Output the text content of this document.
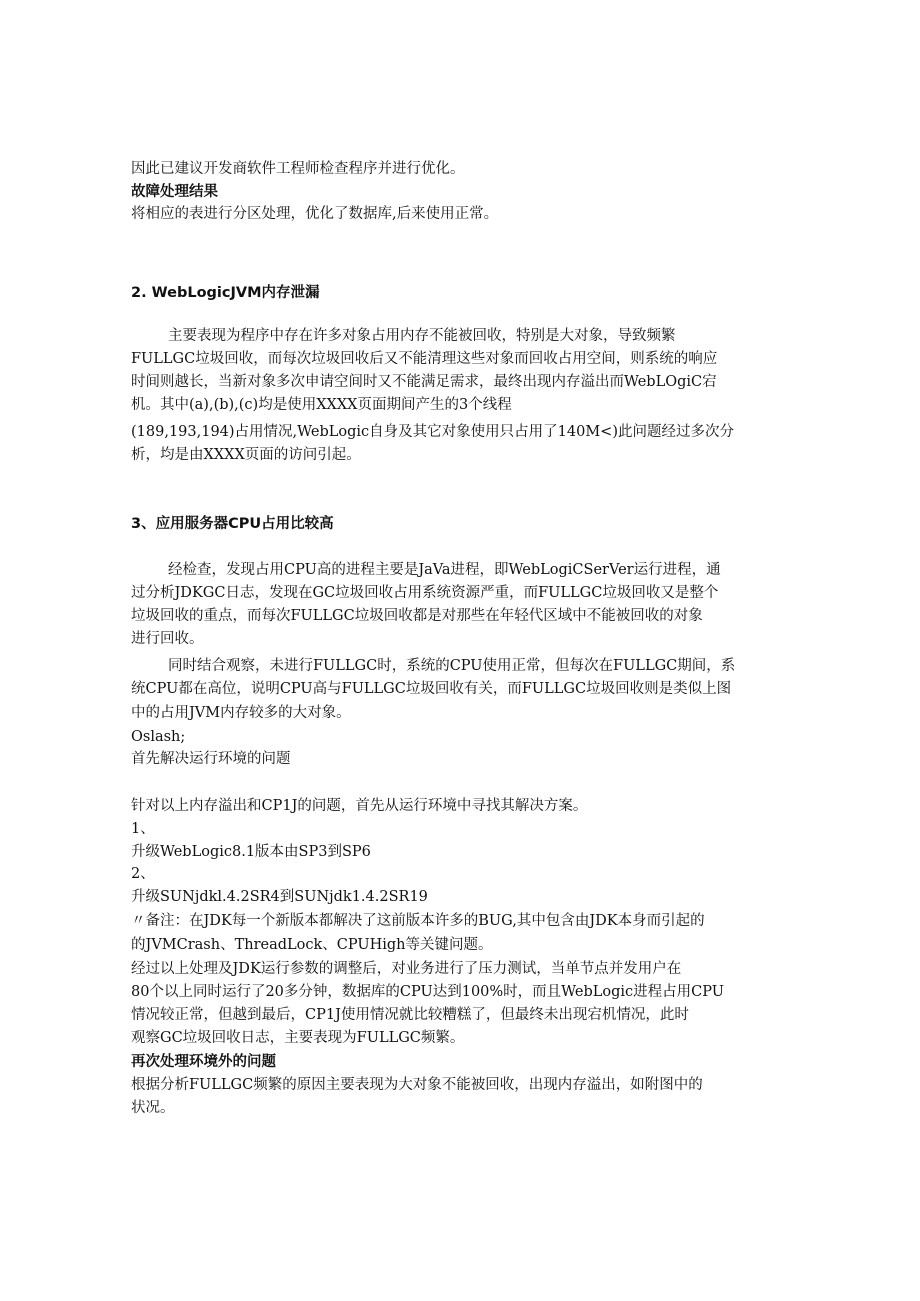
因此已建议开发商软件工程师检查程序并进行优化。
故障处理结果
将相应的表进行分区处理，优化了数据库,后来使用正常。
2. WebLogicJVM内存泄漏
主要表现为程序中存在许多对象占用内存不能被回收，特别是大对象，导致频繁
FULLGC垃圾回收，而每次垃圾回收后又不能清理这些对象而回收占用空间，则系统的响应
时间则越长，当新对象多次申请空间时又不能满足需求，最终出现内存溢出而WebLOgiC宕
机。其中(a),(b),(c)均是使用XXXX页面期间产生的3个线程
(189,193,194)占用情况,WebLogic自身及其它对象使用只占用了140M<)此问题经过多次分
析，均是由XXXX页面的访问引起。
3、应用服务器CPU占用比较高
经检查，发现占用CPU高的进程主要是JaVa进程，即WebLogiCSerVer运行进程，通
过分析JDKGC日志，发现在GC垃圾回收占用系统资源严重，而FULLGC垃圾回收又是整个
垃圾回收的重点，而每次FULLGC垃圾回收都是对那些在年轻代区域中不能被回收的对象
进行回收。
同时结合观察，未进行FULLGC时，系统的CPU使用正常，但每次在FULLGC期间，系
统CPU都在高位，说明CPU高与FULLGC垃圾回收有关，而FULLGC垃圾回收则是类似上图
中的占用JVM内存较多的大对象。
Oslash;
首先解决运行环境的问题
针对以上内存溢出和CP1J的问题，首先从运行环境中寻找其解决方案。
1、
升级WebLogic8.1版本由SP3到SP6
2、
升级SUNjdkl.4.2SR4到SUNjdk1.4.2SR19
〃备注：在JDK每一个新版本都解决了这前版本许多的BUG,其中包含由JDK本身而引起的
的JVMCrash、ThreadLock、CPUHigh等关键问题。
经过以上处理及JDK运行参数的调整后，对业务进行了压力测试，当单节点并发用户在
80个以上同时运行了20多分钟，数据库的CPU达到100%时，而且WebLogic进程占用CPU
情况较正常，但越到最后，CP1J使用情况就比较糟糕了，但最终未出现宕机情况，此时
观察GC垃圾回收日志，主要表现为FULLGC频繁。
再次处理环境外的问题
根据分析FULLGC频繁的原因主要表现为大对象不能被回收，出现内存溢出，如附图中的
状况。
